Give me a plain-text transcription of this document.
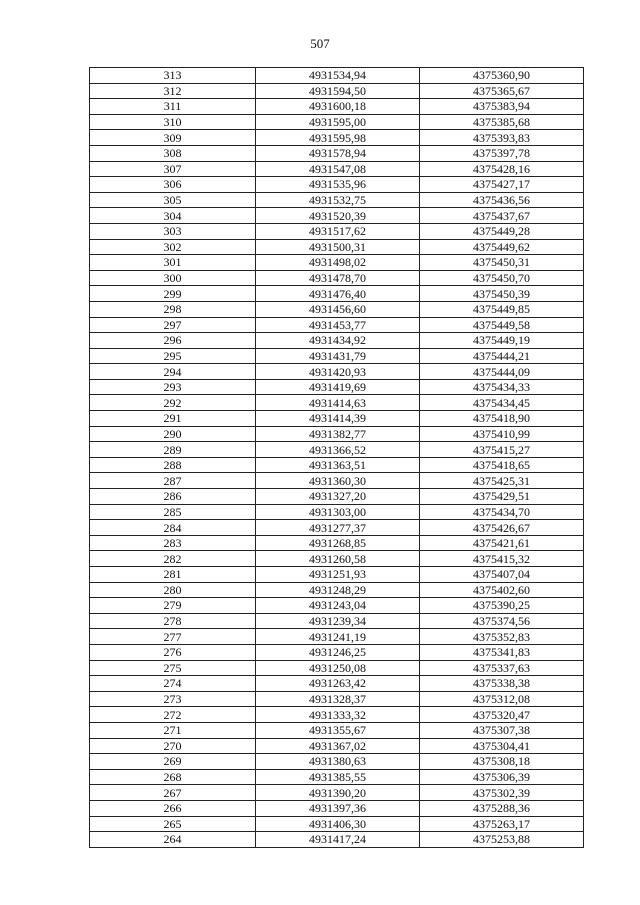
507
313	4931534,94	4375360,90
312	4931594,50	4375365,67
311	4931600,18	4375383,94
310	4931595,00	4375385,68
309	4931595,98	4375393,83
308	4931578,94	4375397,78
307	4931547,08	4375428,16
306	4931535,96	4375427,17
305	4931532,75	4375436,56
304	4931520,39	4375437,67
303	4931517,62	4375449,28
302	4931500,31	4375449,62
301	4931498,02	4375450,31
300	4931478,70	4375450,70
299	4931476,40	4375450,39
298	4931456,60	4375449,85
297	4931453,77	4375449,58
296	4931434,92	4375449,19
295	4931431,79	4375444,21
294	4931420,93	4375444,09
293	4931419,69	4375434,33
292	4931414,63	4375434,45
291	4931414,39	4375418,90
290	4931382,77	4375410,99
289	4931366,52	4375415,27
288	4931363,51	4375418,65
287	4931360,30	4375425,31
286	4931327,20	4375429,51
285	4931303,00	4375434,70
284	4931277,37	4375426,67
283	4931268,85	4375421,61
282	4931260,58	4375415,32
281	4931251,93	4375407,04
280	4931248,29	4375402,60
279	4931243,04	4375390,25
278	4931239,34	4375374,56
277	4931241,19	4375352,83
276	4931246,25	4375341,83
275	4931250,08	4375337,63
274	4931263,42	4375338,38
273	4931328,37	4375312,08
272	4931333,32	4375320,47
271	4931355,67	4375307,38
270	4931367,02	4375304,41
269	4931380,63	4375308,18
268	4931385,55	4375306,39
267	4931390,20	4375302,39
266	4931397,36	4375288,36
265	4931406,30	4375263,17
264	4931417,24	4375253,88
